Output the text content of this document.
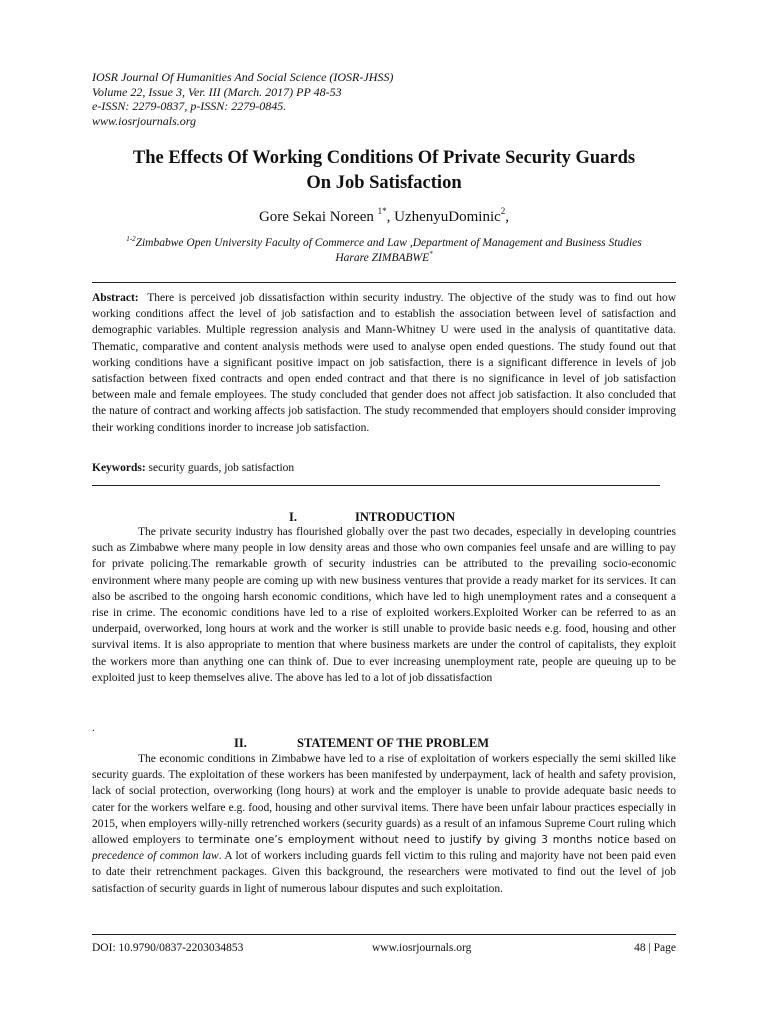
IOSR Journal Of Humanities And Social Science (IOSR-JHSS)
Volume 22, Issue 3, Ver. III (March. 2017) PP 48-53
e-ISSN: 2279-0837, p-ISSN: 2279-0845.
www.iosrjournals.org
The Effects Of Working Conditions Of Private Security Guards
On Job Satisfaction
Gore Sekai Noreen $^{1*}$, UzhenyuDominic$^2$,
$^{1-2}$Zimbabwe Open University Faculty of Commerce and Law ,Department of Management and Business Studies
Harare ZIMBABWE*

Abstract: There is perceived job dissatisfaction within security industry. The objective of the study was to find out how working conditions affect the level of job satisfaction and to establish the association between level of satisfaction and demographic variables. Multiple regression analysis and Mann-Whitney U were used in the analysis of quantitative data. Thematic, comparative and content analysis methods were used to analyse open ended questions. The study found out that working conditions have a significant positive impact on job satisfaction, there is a significant difference in levels of job satisfaction between fixed contracts and open ended contract and that there is no significance in level of job satisfaction between male and female employees. The study concluded that gender does not affect job satisfaction. It also concluded that the nature of contract and working affects job satisfaction. The study recommended that employers should consider improving their working conditions inorder to increase job satisfaction.

Keywords: security guards, job satisfaction

I.	INTRODUCTION

The private security industry has flourished globally over the past two decades, especially in developing countries such as Zimbabwe where many people in low density areas and those who own companies feel unsafe and are willing to pay for private policing.The remarkable growth of security industries can be attributed to the prevailing socio-economic environment where many people are coming up with new business ventures that provide a ready market for its services. It can also be ascribed to the ongoing harsh economic conditions, which have led to high unemployment rates and a consequent a rise in crime. The economic conditions have led to a rise of exploited workers.Exploited Worker can be referred to as an underpaid, overworked, long hours at work and the worker is still unable to provide basic needs e.g. food, housing and other survival items. It is also appropriate to mention that where business markets are under the control of capitalists, they exploit the workers more than anything one can think of. Due to ever increasing unemployment rate, people are queuing up to be exploited just to keep themselves alive. The above has led to a lot of job dissatisfaction

.
II.	STATEMENT OF THE PROBLEM

The economic conditions in Zimbabwe have led to a rise of exploitation of workers especially the semi skilled like security guards. The exploitation of these workers has been manifested by underpayment, lack of health and safety provision, lack of social protection, overworking (long hours) at work and the employer is unable to provide adequate basic needs to cater for the workers welfare e.g. food, housing and other survival items. There have been unfair labour practices especially in 2015, when employers willy-nilly retrenched workers (security guards) as a result of an infamous Supreme Court ruling which allowed employers to terminate one’s employment without need to justify by giving 3 months notice based on precedence of common law. A lot of workers including guards fell victim to this ruling and majority have not been paid even to date their retrenchment packages. Given this background, the researchers were motivated to find out the level of job satisfaction of security guards in light of numerous labour disputes and such exploitation.

DOI: 10.9790/0837-2203034853	www.iosrjournals.org	48 | Page
